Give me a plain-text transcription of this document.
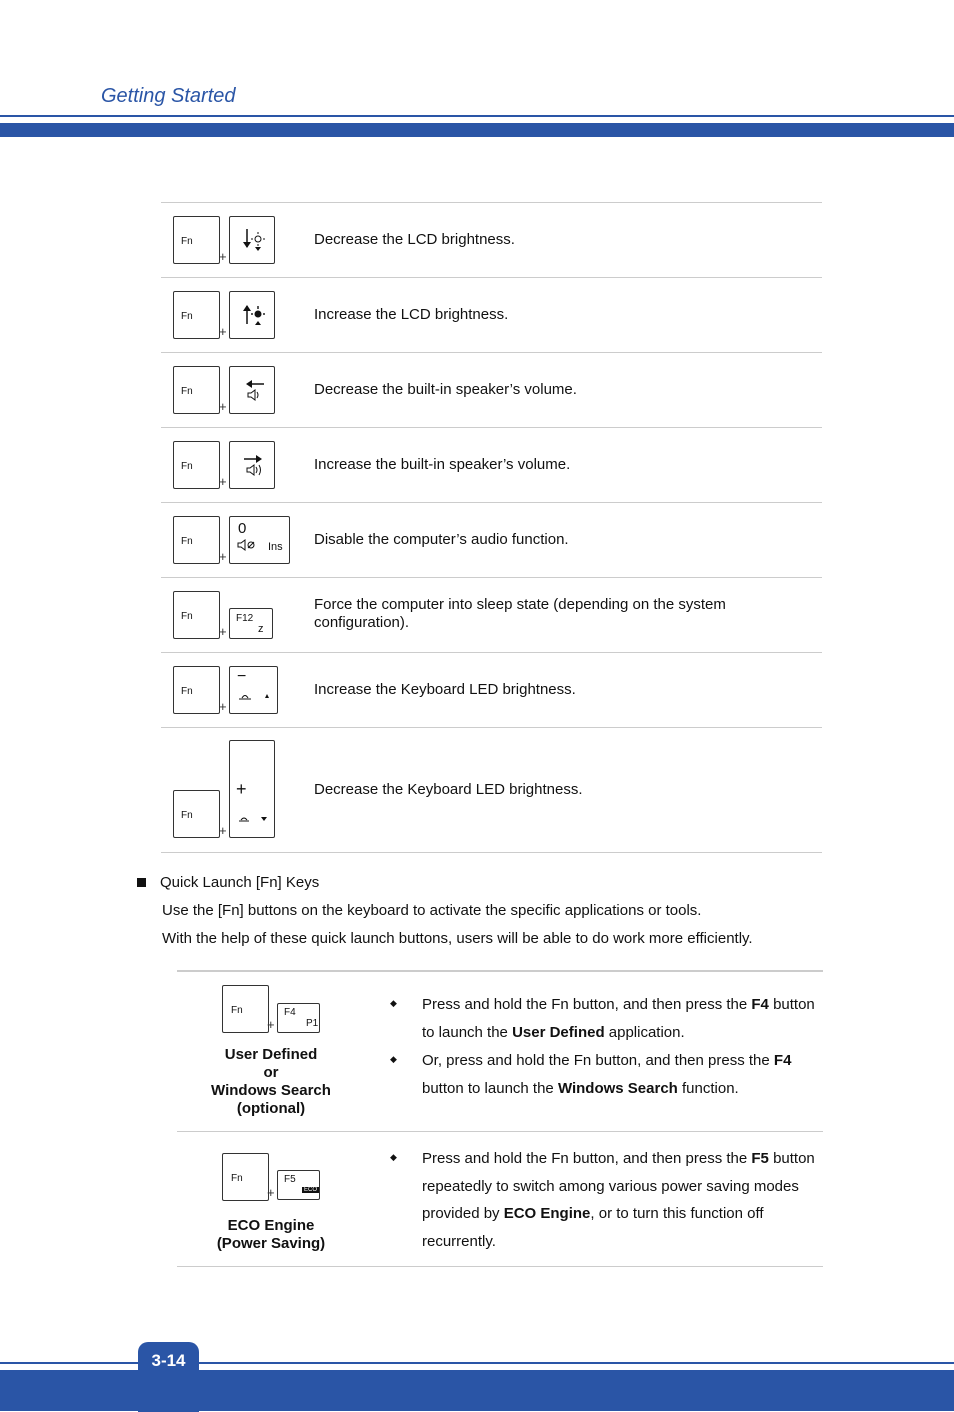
Getting Started
Fn
+
Decrease the LCD brightness.
Fn
+
Increase the LCD brightness.
Fn
+
Decrease the built-in speaker’s volume.
Fn
+
Increase the built-in speaker’s volume.
Fn
+
0
Ins Disable the computer’s audio function.
Fn
+
F12
z
Force the computer into sleep state (depending on the system configuration).
Fn
+
−
Increase the Keyboard LED brightness.
Fn
+
+	Decrease the Keyboard LED brightness.
Quick Launch [Fn] Keys
Use the [Fn] buttons on the keyboard to activate the specific applications or tools.
With the help of these quick launch buttons, users will be able to do work more efficiently.
Fn
+
F4
P1
User Defined
or
Windows Search
(optional)
◆ Press and hold the Fn button, and then press the F4 button to launch the User Defined application.
◆ Or, press and hold the Fn button, and then press the F4 button to launch the Windows Search function.
Fn
+
F5
ECO
ECO Engine
(Power Saving)
◆ Press and hold the Fn button, and then press the F5 button repeatedly to switch among various power saving modes provided by ECO Engine, or to turn this function off recurrently.
3-14
